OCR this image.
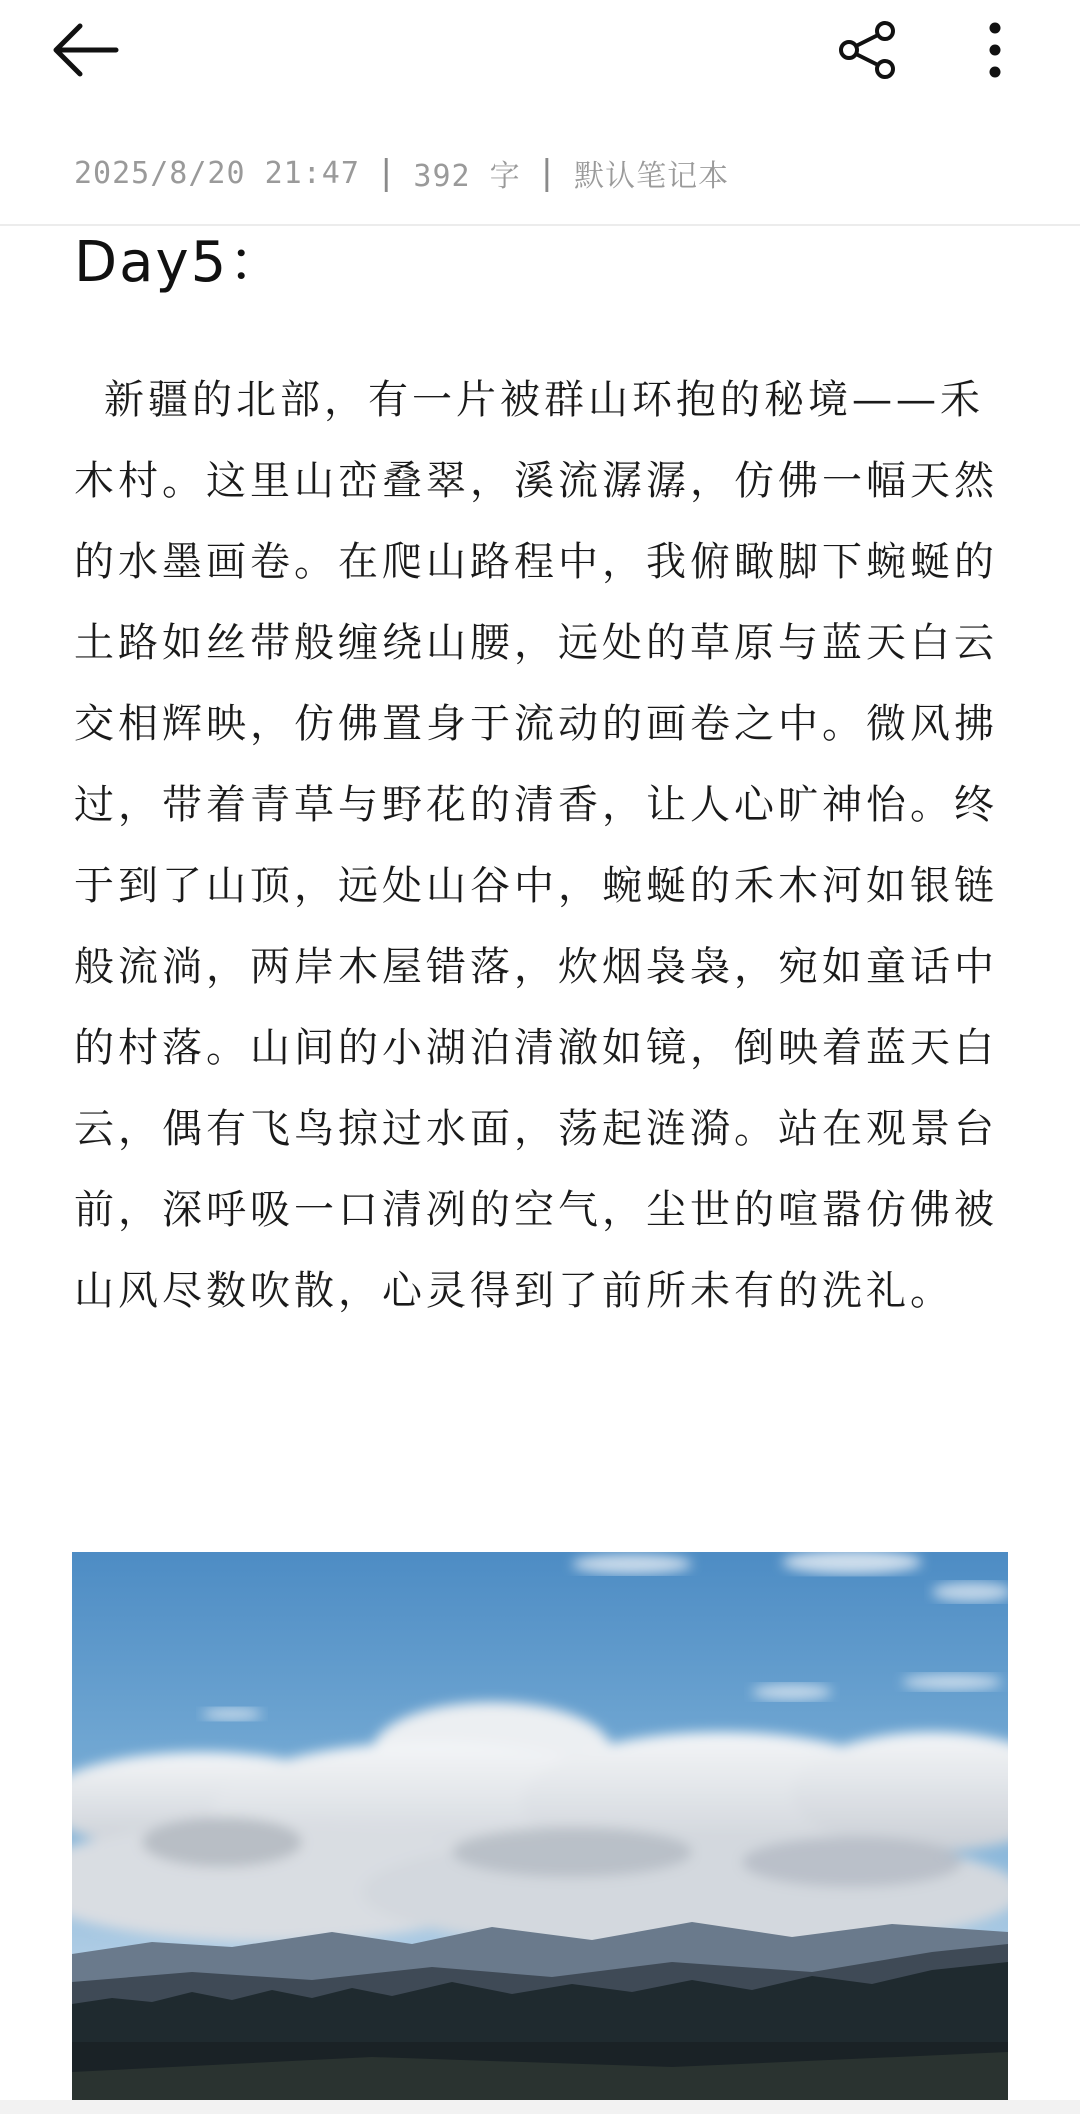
2025/8/20 21:47 | 392 字 | 默认笔记本
Day5：
新疆的北部，有一片被群山环抱的秘境——禾木村。这里山峦叠翠，溪流潺潺，仿佛一幅天然的水墨画卷。在爬山路程中，我俯瞰脚下蜿蜒的土路如丝带般缠绕山腰，远处的草原与蓝天白云交相辉映，仿佛置身于流动的画卷之中。微风拂过，带着青草与野花的清香，让人心旷神怡。终于到了山顶，远处山谷中，蜿蜒的禾木河如银链般流淌，两岸木屋错落，炊烟袅袅，宛如童话中的村落。山间的小湖泊清澈如镜，倒映着蓝天白云，偶有飞鸟掠过水面，荡起涟漪。站在观景台前，深呼吸一口清冽的空气，尘世的喧嚣仿佛被山风尽数吹散，心灵得到了前所未有的洗礼。
